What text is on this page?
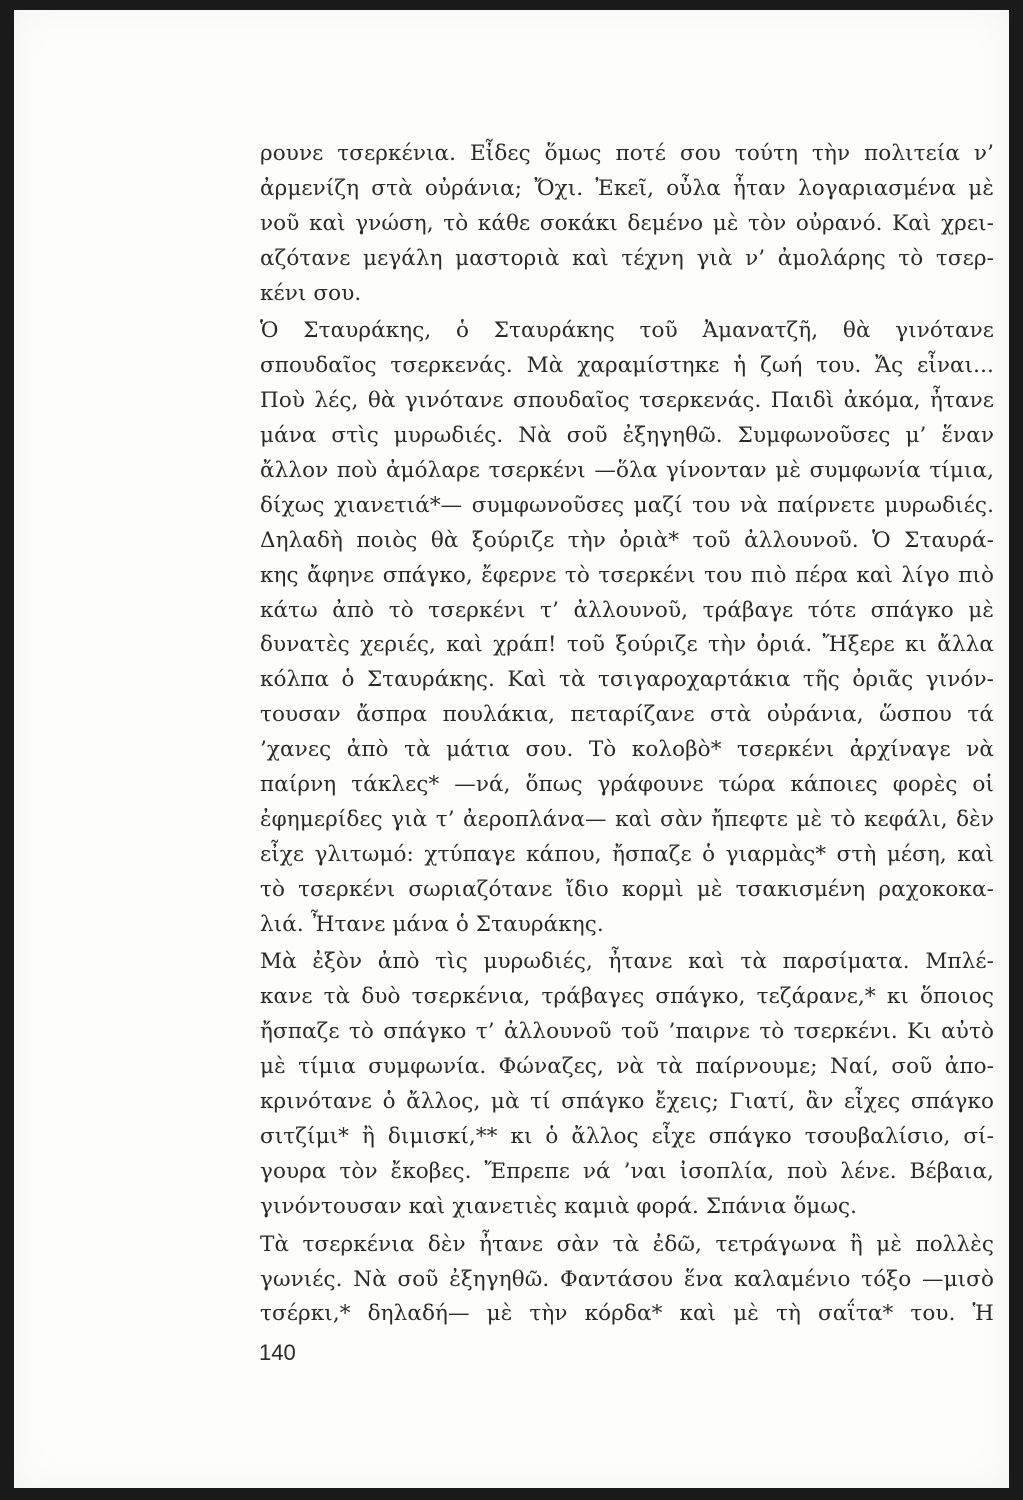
ρουνε τσερκένια. Εἶδες ὅμως ποτέ σου τούτη τὴν πολιτεία ν’
ἀρμενίζη στὰ οὐράνια; Ὄχι. Ἐκεῖ, οὖλα ἦταν λογαριασμένα μὲ
νοῦ καὶ γνώση, τὸ κάθε σοκάκι δεμένο μὲ τὸν οὐρανό. Καὶ χρει-
αζότανε μεγάλη μαστοριὰ καὶ τέχνη γιὰ ν’ ἀμολάρης τὸ τσερ-
κένι σου.
Ὁ Σταυράκης, ὁ Σταυράκης τοῦ Ἀμανατζῆ, θὰ γινότανε
σπουδαῖος τσερκενάς. Μὰ χαραμίστηκε ἡ ζωή του. Ἄς εἶναι...
Ποὺ λές, θὰ γινότανε σπουδαῖος τσερκενάς. Παιδὶ ἀκόμα, ἦτανε
μάνα στὶς μυρωδιές. Νὰ σοῦ ἐξηγηθῶ. Συμφωνοῦσες μ’ ἕναν
ἄλλον ποὺ ἀμόλαρε τσερκένι —ὅλα γίνονταν μὲ συμφωνία τίμια,
δίχως χιανετιά*— συμφωνοῦσες μαζί του νὰ παίρνετε μυρωδιές.
Δηλαδὴ ποιὸς θὰ ξούριζε τὴν ὀριὰ* τοῦ ἀλλουνοῦ. Ὁ Σταυρά-
κης ἄφηνε σπάγκο, ἔφερνε τὸ τσερκένι του πιὸ πέρα καὶ λίγο πιὸ
κάτω ἀπὸ τὸ τσερκένι τ’ ἀλλουνοῦ, τράβαγε τότε σπάγκο μὲ
δυνατὲς χεριές, καὶ χράπ! τοῦ ξούριζε τὴν ὀριά. Ἤξερε κι ἄλλα
κόλπα ὁ Σταυράκης. Καὶ τὰ τσιγαροχαρτάκια τῆς ὀριᾶς γινόν-
τουσαν ἄσπρα πουλάκια, πεταρίζανε στὰ οὐράνια, ὥσπου τά
’χανες ἀπὸ τὰ μάτια σου. Τὸ κολοβὸ* τσερκένι ἀρχίναγε νὰ
παίρνη τάκλες* —νά, ὅπως γράφουνε τώρα κάποιες φορὲς οἱ
ἐφημερίδες γιὰ τ’ ἀεροπλάνα— καὶ σὰν ἤπεφτε μὲ τὸ κεφάλι, δὲν
εἶχε γλιτωμό: χτύπαγε κάπου, ἤσπαζε ὁ γιαρμὰς* στὴ μέση, καὶ
τὸ τσερκένι σωριαζότανε ἴδιο κορμὶ μὲ τσακισμένη ραχοκοκα-
λιά. Ἦτανε μάνα ὁ Σταυράκης.
Μὰ ἐξὸν ἀπὸ τὶς μυρωδιές, ἦτανε καὶ τὰ παρσίματα. Μπλέ-
κανε τὰ δυὸ τσερκένια, τράβαγες σπάγκο, τεζάρανε,* κι ὅποιος
ἤσπαζε τὸ σπάγκο τ’ ἀλλουνοῦ τοῦ ’παιρνε τὸ τσερκένι. Κι αὐτὸ
μὲ τίμια συμφωνία. Φώναζες, νὰ τὰ παίρνουμε; Ναί, σοῦ ἀπο-
κρινότανε ὁ ἄλλος, μὰ τί σπάγκο ἔχεις; Γιατί, ἂν εἶχες σπάγκο
σιτζίμι* ἢ διμισκί,** κι ὁ ἄλλος εἶχε σπάγκο τσουβαλίσιο, σί-
γουρα τὸν ἔκοβες. Ἔπρεπε νά ’ναι ἰσοπλία, ποὺ λένε. Βέβαια,
γινόντουσαν καὶ χιανετιὲς καμιὰ φορά. Σπάνια ὅμως.
Τὰ τσερκένια δὲν ἦτανε σὰν τὰ ἐδῶ, τετράγωνα ἢ μὲ πολλὲς
γωνιές. Νὰ σοῦ ἐξηγηθῶ. Φαντάσου ἕνα καλαμένιο τόξο —μισὸ
τσέρκι,* δηλαδή— μὲ τὴν κόρδα* καὶ μὲ τὴ σαΐτα* του. Ἡ
140
